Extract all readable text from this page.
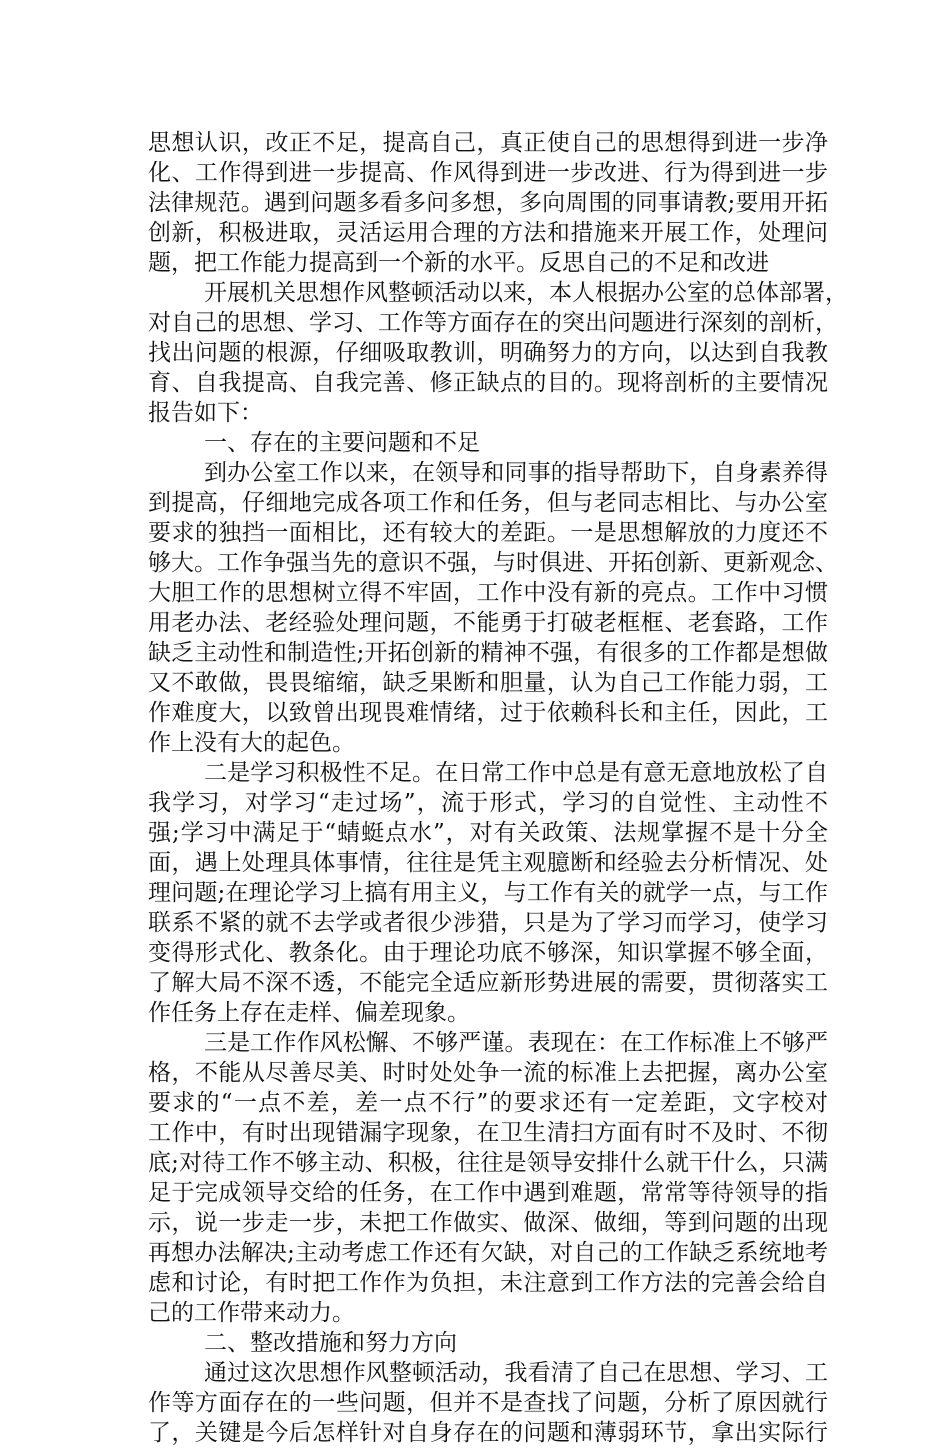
思想认识，改正不足，提高自己，真正使自己的思想得到进一步净
化、工作得到进一步提高、作风得到进一步改进、行为得到进一步
法律规范。遇到问题多看多问多想，多向周围的同事请教;要用开拓
创新，积极进取，灵活运用合理的方法和措施来开展工作，处理问
题，把工作能力提高到一个新的水平。反思自己的不足和改进
开展机关思想作风整顿活动以来，本人根据办公室的总体部署，
对自己的思想、学习、工作等方面存在的突出问题进行深刻的剖析，
找出问题的根源，仔细吸取教训，明确努力的方向，以达到自我教
育、自我提高、自我完善、修正缺点的目的。现将剖析的主要情况
报告如下：
一、存在的主要问题和不足
到办公室工作以来，在领导和同事的指导帮助下，自身素养得
到提高，仔细地完成各项工作和任务，但与老同志相比、与办公室
要求的独挡一面相比，还有较大的差距。一是思想解放的力度还不
够大。工作争强当先的意识不强，与时俱进、开拓创新、更新观念、
大胆工作的思想树立得不牢固，工作中没有新的亮点。工作中习惯
用老办法、老经验处理问题，不能勇于打破老框框、老套路，工作
缺乏主动性和制造性;开拓创新的精神不强，有很多的工作都是想做
又不敢做，畏畏缩缩，缺乏果断和胆量，认为自己工作能力弱，工
作难度大，以致曾出现畏难情绪，过于依赖科长和主任，因此，工
作上没有大的起色。
二是学习积极性不足。在日常工作中总是有意无意地放松了自
我学习，对学习“走过场”，流于形式，学习的自觉性、主动性不
强;学习中满足于“蜻蜓点水”，对有关政策、法规掌握不是十分全
面，遇上处理具体事情，往往是凭主观臆断和经验去分析情况、处
理问题;在理论学习上搞有用主义，与工作有关的就学一点，与工作
联系不紧的就不去学或者很少涉猎，只是为了学习而学习，使学习
变得形式化、教条化。由于理论功底不够深，知识掌握不够全面，
了解大局不深不透，不能完全适应新形势进展的需要，贯彻落实工
作任务上存在走样、偏差现象。
三是工作作风松懈、不够严谨。表现在：在工作标准上不够严
格，不能从尽善尽美、时时处处争一流的标准上去把握，离办公室
要求的“一点不差，差一点不行”的要求还有一定差距，文字校对
工作中，有时出现错漏字现象，在卫生清扫方面有时不及时、不彻
底;对待工作不够主动、积极，往往是领导安排什么就干什么，只满
足于完成领导交给的任务，在工作中遇到难题，常常等待领导的指
示，说一步走一步，未把工作做实、做深、做细，等到问题的出现
再想办法解决;主动考虑工作还有欠缺，对自己的工作缺乏系统地考
虑和讨论，有时把工作作为负担，未注意到工作方法的完善会给自
己的工作带来动力。
二、整改措施和努力方向
通过这次思想作风整顿活动，我看清了自己在思想、学习、工
作等方面存在的一些问题，但并不是查找了问题，分析了原因就行
了，关键是今后怎样针对自身存在的问题和薄弱环节，拿出实际行
